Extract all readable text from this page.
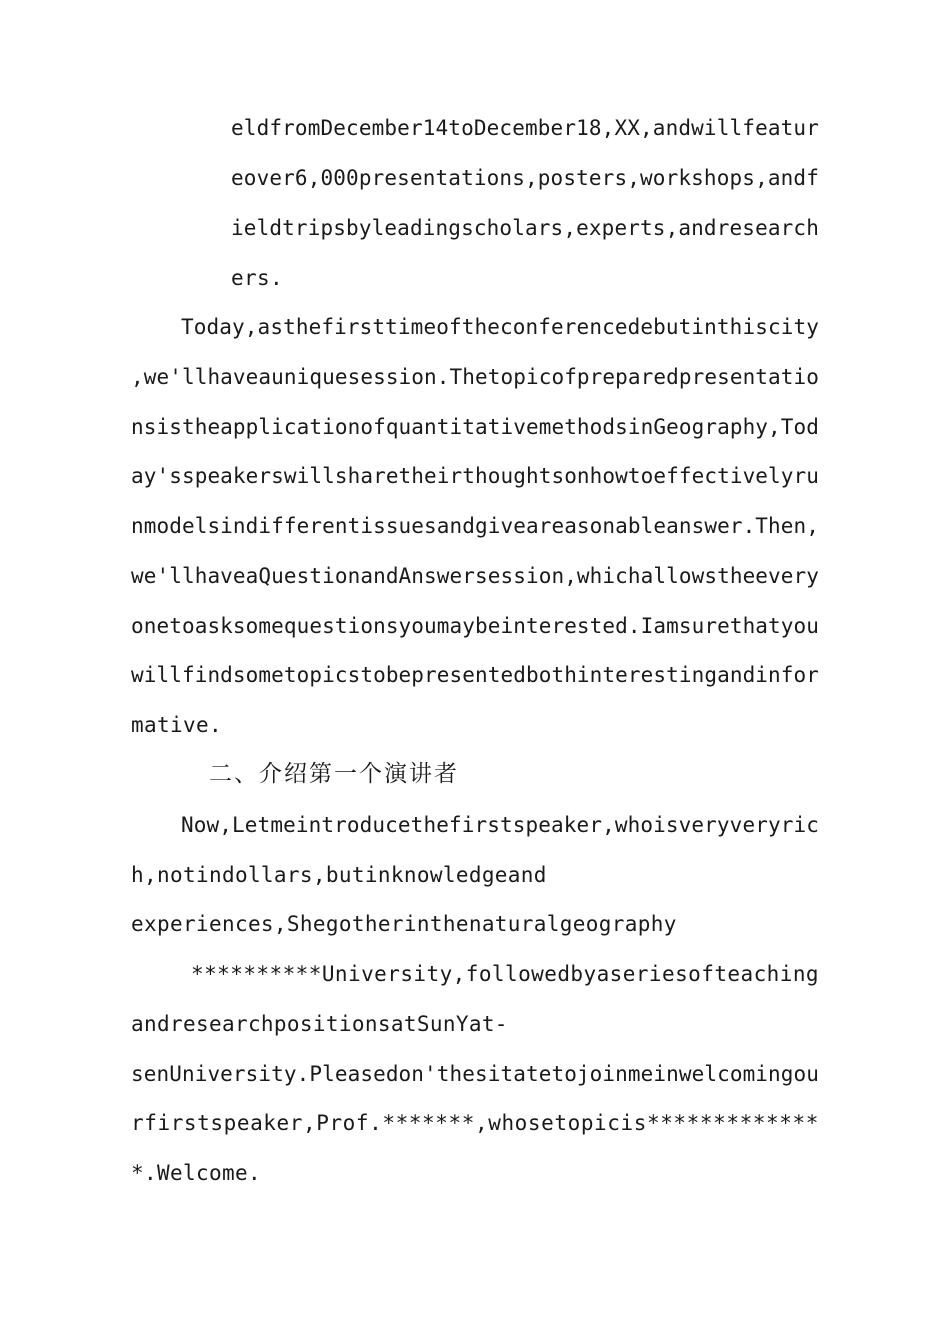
eldfromDecember14toDecember18,XX,andwillfeatur
eover6,000presentations,posters,workshops,andf
ieldtripsbyleadingscholars,experts,andresearch
ers.
Today,asthefirsttimeoftheconferencedebutinthiscity
,we'llhaveauniquesession.Thetopicofpreparedpresentatio
nsistheapplicationofquantitativemethodsinGeography,Tod
ay'sspeakerswillsharetheirthoughtsonhowtoeffectivelyru
nmodelsindifferentissuesandgiveareasonableanswer.Then,
we'llhaveaQuestionandAnswersession,whichallowstheevery
onetoasksomequestionsyoumaybeinterested.Iamsurethatyou
willfindsometopicstobepresentedbothinterestingandinfor
mative.
二、介绍第一个演讲者
Now,Letmeintroducethefirstspeaker,whoisveryveryric
h,notindollars,butinknowledgeand
experiences,Shegotherinthenaturalgeography
**********University,followedbyaseriesofteaching
andresearchpositionsatSunYat-
senUniversity.Pleasedon'thesitatetojoinmeinwelcomingou
rfirstspeaker,Prof.*******,whosetopicis*************
*.Welcome.
